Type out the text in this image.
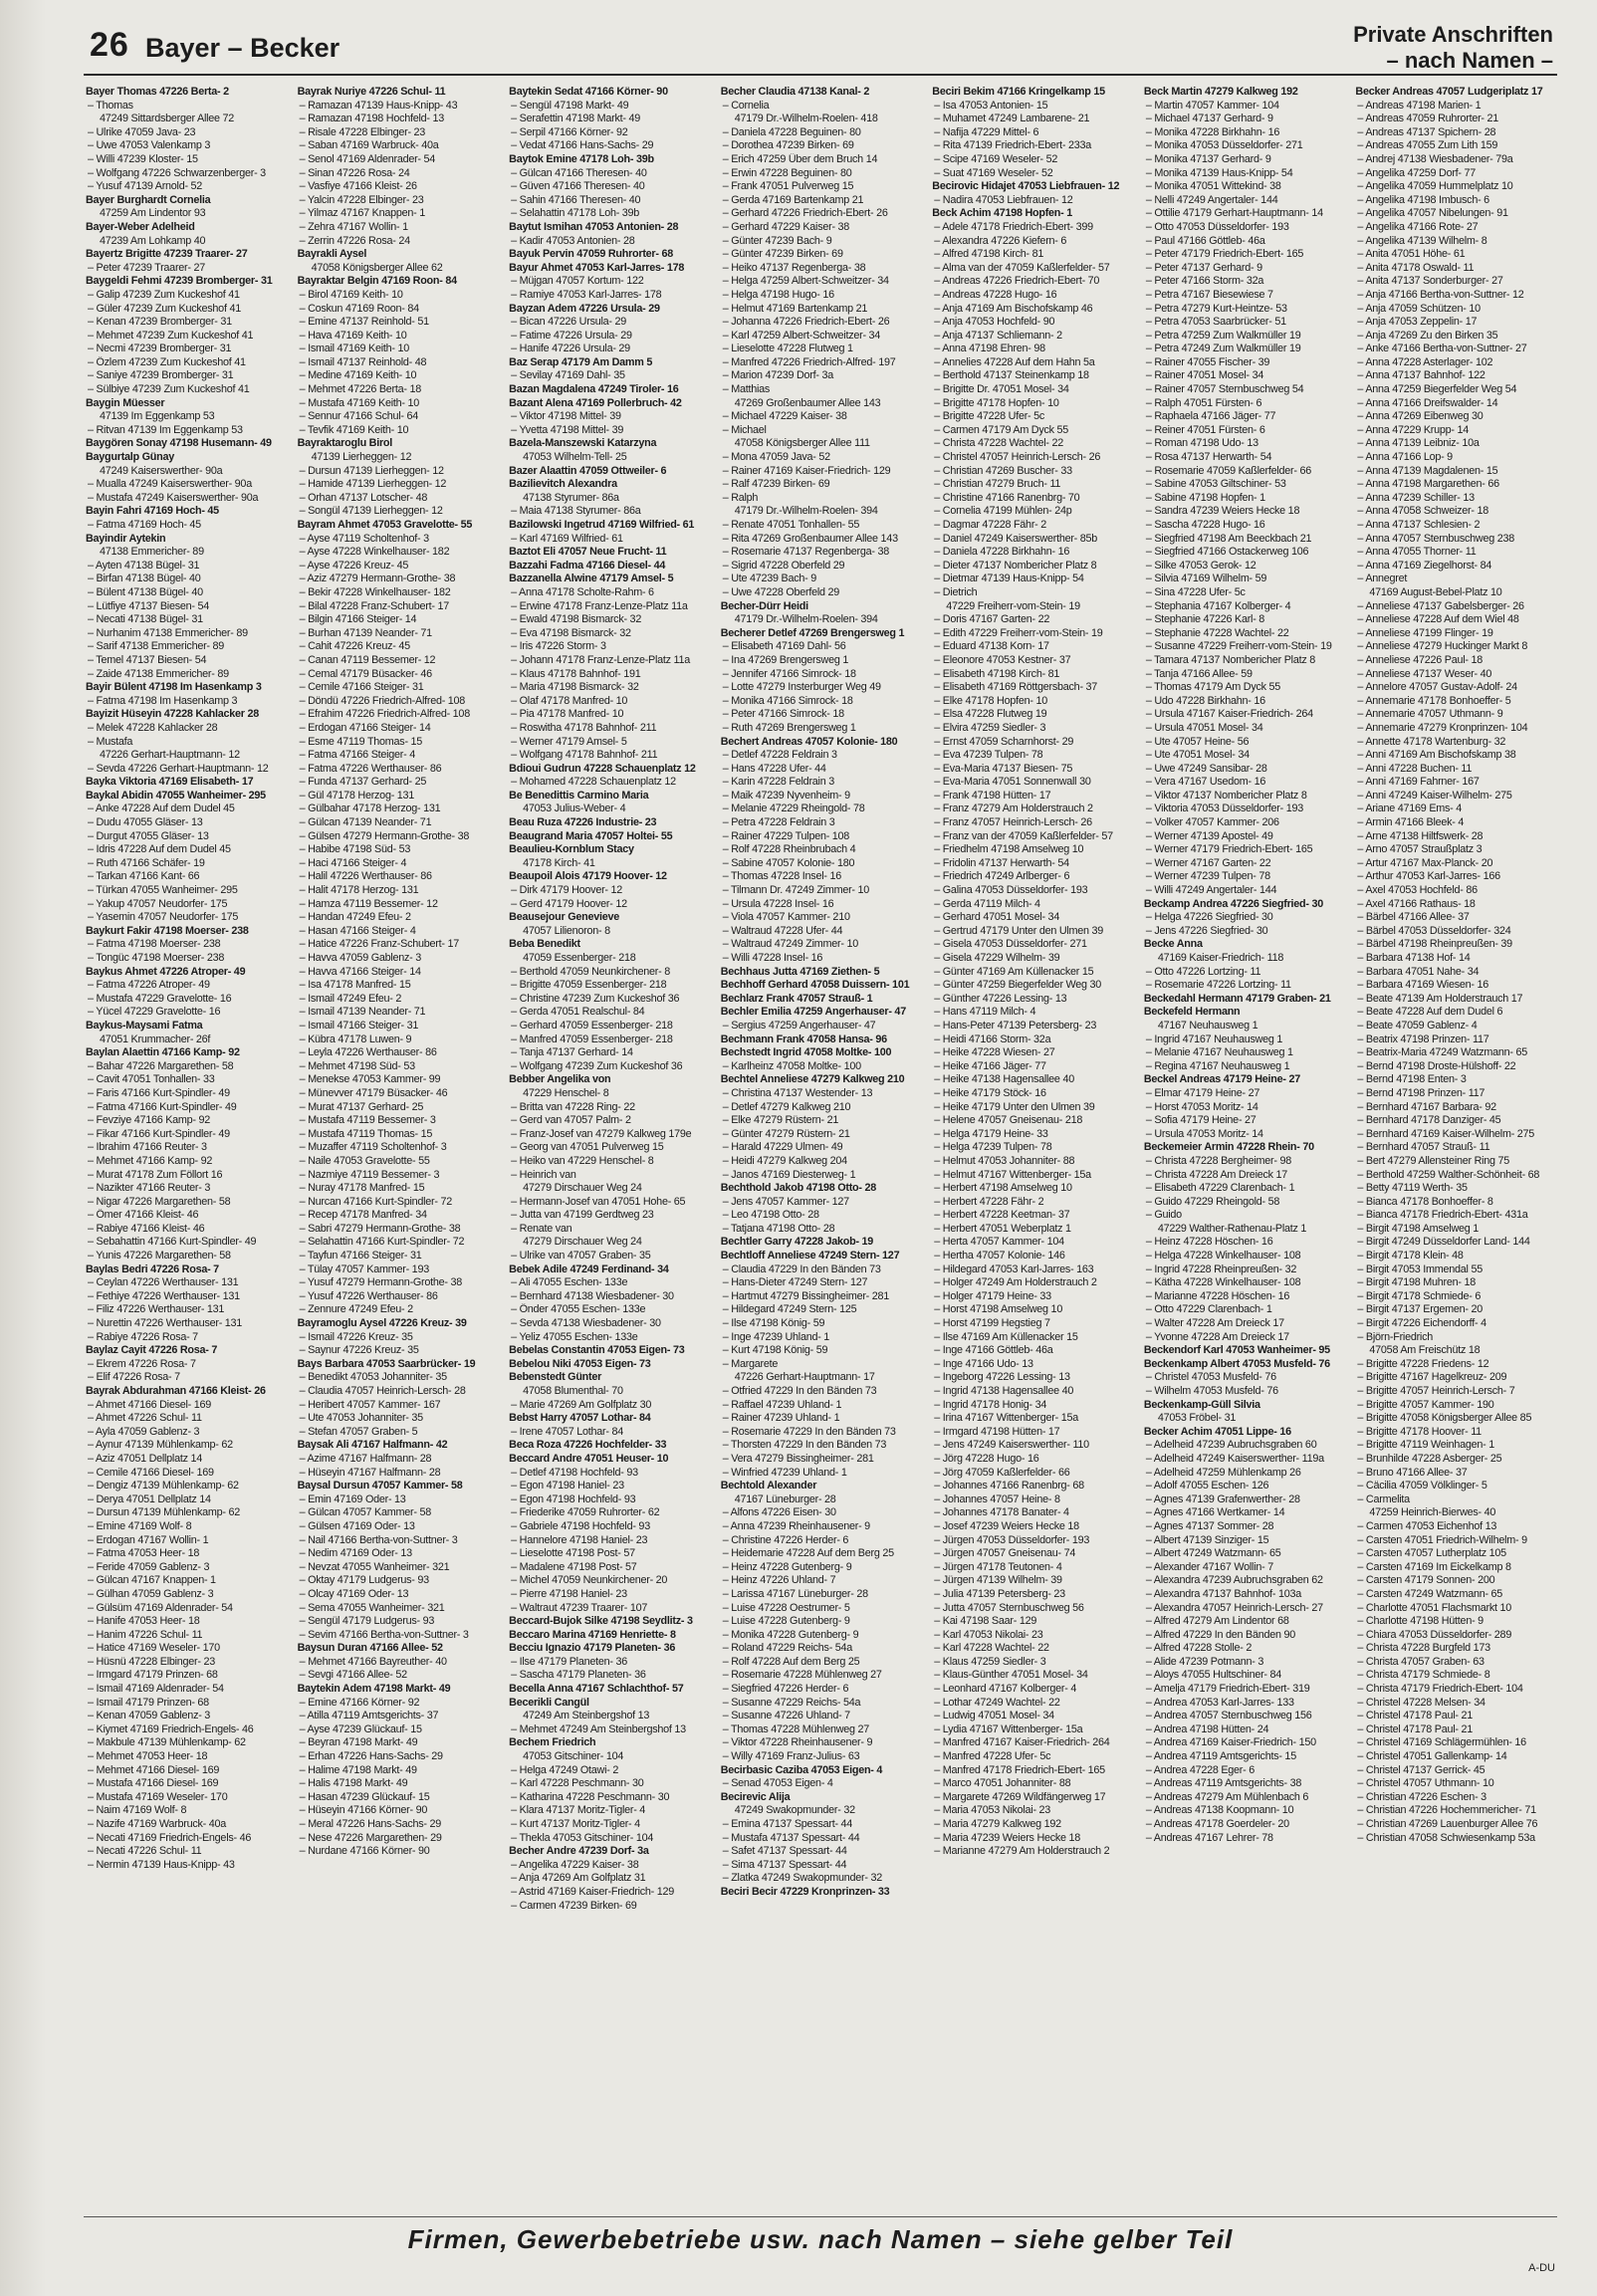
26 Bayer – Becker	Private Anschriften
– nach Namen –
Bayer Thomas 47226 Berta- 2
– Thomas
47249 Sittardsberger Allee 72
– Ulrike 47059 Java- 23
– Uwe 47053 Valenkamp 3
– Willi 47239 Kloster- 15
– Wolfgang 47226 Schwarzenberger- 3
– Yusuf 47139 Arnold- 52
Bayer Burghardt Cornelia
47259 Am Lindentor 93
Bayer-Weber Adelheid
47239 Am Lohkamp 40
Bayertz Brigitte 47239 Traarer- 27
– Peter 47239 Traarer- 27
Baygeldi Fehmi 47239 Bromberger- 31
– Galip 47239 Zum Kuckeshof 41
– Güler 47239 Zum Kuckeshof 41
– Kenan 47239 Bromberger- 31
– Mehmet 47239 Zum Kuckeshof 41
– Necmi 47239 Bromberger- 31
– Özlem 47239 Zum Kuckeshof 41
– Saniye 47239 Bromberger- 31
– Sülbiye 47239 Zum Kuckeshof 41
Baygin Müesser
47139 Im Eggenkamp 53
– Ritvan 47139 Im Eggenkamp 53
Baygören Sonay 47198 Husemann- 49
Baygurtalp Günay
47249 Kaiserswerther- 90a
– Mualla 47249 Kaiserswerther- 90a
– Mustafa 47249 Kaiserswerther- 90a
Bayin Fahri 47169 Hoch- 45
– Fatma 47169 Hoch- 45
Bayindir Aytekin
47138 Emmericher- 89
– Ayten 47138 Bügel- 31
– Birfan 47138 Bügel- 40
– Bülent 47138 Bügel- 40
– Lütfiye 47137 Biesen- 54
– Necati 47138 Bügel- 31
– Nurhanim 47138 Emmericher- 89
– Sarif 47138 Emmericher- 89
– Temel 47137 Biesen- 54
– Zaide 47138 Emmericher- 89
Bayir Bülent 47198 Im Hasenkamp 3
– Fatma 47198 Im Hasenkamp 3
Bayizit Hüseyin 47228 Kahlacker 28
– Melek 47228 Kahlacker 28
– Mustafa
47226 Gerhart-Hauptmann- 12
– Sevda 47226 Gerhart-Hauptmann- 12
Bayka Viktoria 47169 Elisabeth- 17
Baykal Abidin 47055 Wanheimer- 295
– Anke 47228 Auf dem Dudel 45
– Dudu 47055 Gläser- 13
– Durgut 47055 Gläser- 13
– Idris 47228 Auf dem Dudel 45
– Ruth 47166 Schäfer- 19
– Tarkan 47166 Kant- 66
– Türkan 47055 Wanheimer- 295
– Yakup 47057 Neudorfer- 175
– Yasemin 47057 Neudorfer- 175
Baykurt Fakir 47198 Moerser- 238
– Fatma 47198 Moerser- 238
– Tongüc 47198 Moerser- 238
Baykus Ahmet 47226 Atroper- 49
– Fatma 47226 Atroper- 49
– Mustafa 47229 Gravelotte- 16
– Yücel 47229 Gravelotte- 16
Baykus-Maysami Fatma
47051 Krummacher- 26f
Baylan Alaettin 47166 Kamp- 92
– Bahar 47226 Margarethen- 58
– Cavit 47051 Tonhallen- 33
– Faris 47166 Kurt-Spindler- 49
– Fatma 47166 Kurt-Spindler- 49
– Fevziye 47166 Kamp- 92
– Fikar 47166 Kurt-Spindler- 49
– Ibrahim 47166 Reuter- 3
– Mehmet 47166 Kamp- 92
– Murat 47178 Zum Föllort 16
– Nazikter 47166 Reuter- 3
– Nigar 47226 Margarethen- 58
– Ömer 47166 Kleist- 46
– Rabiye 47166 Kleist- 46
– Sebahattin 47166 Kurt-Spindler- 49
– Yunis 47226 Margarethen- 58
Baylas Bedri 47226 Rosa- 7
– Ceylan 47226 Werthauser- 131
– Fethiye 47226 Werthauser- 131
– Filiz 47226 Werthauser- 131
– Nurettin 47226 Werthauser- 131
– Rabiye 47226 Rosa- 7
Baylaz Cayit 47226 Rosa- 7
– Ekrem 47226 Rosa- 7
– Elif 47226 Rosa- 7
Bayrak Abdurahman 47166 Kleist- 26
– Ahmet 47166 Diesel- 169
– Ahmet 47226 Schul- 11
– Ayla 47059 Gablenz- 3
– Aynur 47139 Mühlenkamp- 62
– Aziz 47051 Dellplatz 14
– Cemile 47166 Diesel- 169
– Dengiz 47139 Mühlenkamp- 62
– Derya 47051 Dellplatz 14
– Dursun 47139 Mühlenkamp- 62
– Emine 47169 Wolf- 8
– Erdogan 47167 Wollin- 1
– Fatma 47053 Heer- 18
– Feride 47059 Gablenz- 3
– Gülcan 47167 Knappen- 1
– Gülhan 47059 Gablenz- 3
– Gülsüm 47169 Aldenrader- 54
– Hanife 47053 Heer- 18
– Hanim 47226 Schul- 11
– Hatice 47169 Weseler- 170
– Hüsnü 47228 Elbinger- 23
– Irmgard 47179 Prinzen- 68
– Ismail 47169 Aldenrader- 54
– Ismail 47179 Prinzen- 68
– Kenan 47059 Gablenz- 3
– Kiymet 47169 Friedrich-Engels- 46
– Makbule 47139 Mühlenkamp- 62
– Mehmet 47053 Heer- 18
– Mehmet 47166 Diesel- 169
– Mustafa 47166 Diesel- 169
– Mustafa 47169 Weseler- 170
– Naim 47169 Wolf- 8
– Nazife 47169 Warbruck- 40a
– Necati 47169 Friedrich-Engels- 46
– Necati 47226 Schul- 11
– Nermin 47139 Haus-Knipp- 43
Bayrak Nuriye 47226 Schul- 11
– Ramazan 47139 Haus-Knipp- 43
– Ramazan 47198 Hochfeld- 13
– Risale 47228 Elbinger- 23
– Saban 47169 Warbruck- 40a
– Senol 47169 Aldenrader- 54
– Sinan 47226 Rosa- 24
– Vasfiye 47166 Kleist- 26
– Yalcin 47228 Elbinger- 23
– Yilmaz 47167 Knappen- 1
– Zehra 47167 Wollin- 1
– Zerrin 47226 Rosa- 24
Bayrakli Aysel
47058 Königsberger Allee 62
Bayraktar Belgin 47169 Roon- 84
– Birol 47169 Keith- 10
– Coskun 47169 Roon- 84
– Emine 47137 Reinhold- 51
– Hava 47169 Keith- 10
– Ismail 47169 Keith- 10
– Ismail 47137 Reinhold- 48
– Medine 47169 Keith- 10
– Mehmet 47226 Berta- 18
– Mustafa 47169 Keith- 10
– Sennur 47166 Schul- 64
– Tevfik 47169 Keith- 10
Bayraktaroglu Birol
47139 Lierheggen- 12
– Dursun 47139 Lierheggen- 12
– Hamide 47139 Lierheggen- 12
– Orhan 47137 Lotscher- 48
– Songül 47139 Lierheggen- 12
Bayram Ahmet 47053 Gravelotte- 55
– Ayse 47119 Scholtenhof- 3
– Ayse 47228 Winkelhauser- 182
– Ayse 47226 Kreuz- 45
– Aziz 47279 Hermann-Grothe- 38
– Bekir 47228 Winkelhauser- 182
– Bilal 47228 Franz-Schubert- 17
– Bilgin 47166 Steiger- 14
– Burhan 47139 Neander- 71
– Cahit 47226 Kreuz- 45
– Canan 47119 Bessemer- 12
– Cemal 47179 Büsacker- 46
– Cemile 47166 Steiger- 31
– Döndü 47226 Friedrich-Alfred- 108
– Efrahim 47226 Friedrich-Alfred- 108
– Erdogan 47166 Steiger- 14
– Esme 47119 Thomas- 15
– Fatma 47166 Steiger- 4
– Fatma 47226 Werthauser- 86
– Funda 47137 Gerhard- 25
– Gül 47178 Herzog- 131
– Gülbahar 47178 Herzog- 131
– Gülcan 47139 Neander- 71
– Gülsen 47279 Hermann-Grothe- 38
– Habibe 47198 Süd- 53
– Haci 47166 Steiger- 4
– Halil 47226 Werthauser- 86
– Halit 47178 Herzog- 131
– Hamza 47119 Bessemer- 12
– Handan 47249 Efeu- 2
– Hasan 47166 Steiger- 4
– Hatice 47226 Franz-Schubert- 17
– Havva 47059 Gablenz- 3
– Havva 47166 Steiger- 14
– Isa 47178 Manfred- 15
– Ismail 47249 Efeu- 2
– Ismail 47139 Neander- 71
– Ismail 47166 Steiger- 31
– Kübra 47178 Luwen- 9
– Leyla 47226 Werthauser- 86
– Mehmet 47198 Süd- 53
– Menekse 47053 Kammer- 99
– Münevver 47179 Büsacker- 46
– Murat 47137 Gerhard- 25
– Mustafa 47119 Bessemer- 3
– Mustafa 47119 Thomas- 15
– Muzaffer 47119 Scholtenhof- 3
– Naile 47053 Gravelotte- 55
– Nazmiye 47119 Bessemer- 3
– Nuray 47178 Manfred- 15
– Nurcan 47166 Kurt-Spindler- 72
– Recep 47178 Manfred- 34
– Sabri 47279 Hermann-Grothe- 38
– Selahattin 47166 Kurt-Spindler- 72
– Tayfun 47166 Steiger- 31
– Tülay 47057 Kammer- 193
– Yusuf 47279 Hermann-Grothe- 38
– Yusuf 47226 Werthauser- 86
– Zennure 47249 Efeu- 2
Bayramoglu Aysel 47226 Kreuz- 39
– Ismail 47226 Kreuz- 35
– Saynur 47226 Kreuz- 35
Bays Barbara 47053 Saarbrücker- 19
– Benedikt 47053 Johanniter- 35
– Claudia 47057 Heinrich-Lersch- 28
– Heribert 47057 Kammer- 167
– Ute 47053 Johanniter- 35
– Stefan 47057 Graben- 5
Baysak Ali 47167 Halfmann- 42
– Azime 47167 Halfmann- 28
– Hüseyin 47167 Halfmann- 28
Baysal Dursun 47057 Kammer- 58
– Emin 47169 Oder- 13
– Gülcan 47057 Kammer- 58
– Gülsen 47169 Oder- 13
– Nail 47166 Bertha-von-Suttner- 3
– Nedim 47169 Oder- 13
– Nevzat 47055 Wanheimer- 321
– Oktay 47179 Ludgerus- 93
– Olcay 47169 Oder- 13
– Sema 47055 Wanheimer- 321
– Sengül 47179 Ludgerus- 93
– Sevim 47166 Bertha-von-Suttner- 3
Baysun Duran 47166 Allee- 52
– Mehmet 47166 Bayreuther- 40
– Sevgi 47166 Allee- 52
Baytekin Adem 47198 Markt- 49
– Emine 47166 Körner- 92
– Atilla 47119 Amtsgerichts- 37
– Ayse 47239 Glückauf- 15
– Beyran 47198 Markt- 49
– Erhan 47226 Hans-Sachs- 29
– Halime 47198 Markt- 49
– Halis 47198 Markt- 49
– Hasan 47239 Glückauf- 15
– Hüseyin 47166 Körner- 90
– Meral 47226 Hans-Sachs- 29
– Nese 47226 Margarethen- 29
– Nurdane 47166 Körner- 90
Baytekin Sedat 47166 Körner- 90
– Sengül 47198 Markt- 49
– Serafettin 47198 Markt- 49
– Serpil 47166 Körner- 92
– Vedat 47166 Hans-Sachs- 29
Baytok Emine 47178 Loh- 39b
– Gülcan 47166 Theresen- 40
– Güven 47166 Theresen- 40
– Sahin 47166 Theresen- 40
– Selahattin 47178 Loh- 39b
Baytut Ismihan 47053 Antonien- 28
– Kadir 47053 Antonien- 28
Bayuk Pervin 47059 Ruhrorter- 68
Bayur Ahmet 47053 Karl-Jarres- 178
– Müjgan 47057 Kortum- 122
– Ramiye 47053 Karl-Jarres- 178
Bayzan Adem 47226 Ursula- 29
– Bican 47226 Ursula- 29
– Fatime 47226 Ursula- 29
– Hanife 47226 Ursula- 29
Baz Serap 47179 Am Damm 5
– Sevilay 47169 Dahl- 35
Bazan Magdalena 47249 Tiroler- 16
Bazant Alena 47169 Pollerbruch- 42
– Viktor 47198 Mittel- 39
– Yvetta 47198 Mittel- 39
Bazela-Manszewski Katarzyna
47053 Wilhelm-Tell- 25
Bazer Alaattin 47059 Ottweiler- 6
Bazilievitch Alexandra
47138 Styrumer- 86a
– Maia 47138 Styrumer- 86a
Bazilowski Ingetrud 47169 Wilfried- 61
– Karl 47169 Wilfried- 61
Baztot Eli 47057 Neue Frucht- 11
Bazzahi Fadma 47166 Diesel- 44
Bazzanella Alwine 47179 Amsel- 5
– Anna 47178 Scholte-Rahm- 6
– Erwine 47178 Franz-Lenze-Platz 11a
– Ewald 47198 Bismarck- 32
– Eva 47198 Bismarck- 32
– Iris 47226 Storm- 3
– Johann 47178 Franz-Lenze-Platz 11a
– Klaus 47178 Bahnhof- 191
– Maria 47198 Bismarck- 32
– Olaf 47178 Manfred- 10
– Pia 47178 Manfred- 10
– Roswitha 47178 Bahnhof- 211
– Werner 47179 Amsel- 5
– Wolfgang 47178 Bahnhof- 211
Bdioui Gudrun 47228 Schauenplatz 12
– Mohamed 47228 Schauenplatz 12
Be Benedittis Carmino Maria
47053 Julius-Weber- 4
Beau Ruza 47226 Industrie- 23
Beaugrand Maria 47057 Holtei- 55
Beaulieu-Kornblum Stacy
47178 Kirch- 41
Beaupoil Alois 47179 Hoover- 12
– Dirk 47179 Hoover- 12
– Gerd 47179 Hoover- 12
Beausejour Genevieve
47057 Lilienoron- 8
Beba Benedikt
47059 Essenberger- 218
– Berthold 47059 Neunkirchener- 8
– Brigitte 47059 Essenberger- 218
– Christine 47239 Zum Kuckeshof 36
– Gerda 47051 Realschul- 84
– Gerhard 47059 Essenberger- 218
– Manfred 47059 Essenberger- 218
– Tanja 47137 Gerhard- 14
– Wolfgang 47239 Zum Kuckeshof 36
Bebber Angelika von
47229 Henschel- 8
– Britta van 47228 Ring- 22
– Gerd van 47057 Palm- 2
– Franz-Josef van 47279 Kalkweg 179e
– Georg van 47051 Pulverweg 15
– Heiko van 47229 Henschel- 8
– Heinrich van
47279 Dirschauer Weg 24
– Hermann-Josef van 47051 Hohe- 65
– Jutta van 47199 Gerdtweg 23
– Renate van
47279 Dirschauer Weg 24
– Ulrike van 47057 Graben- 35
Bebek Adile 47249 Ferdinand- 34
– Ali 47055 Eschen- 133e
– Bernhard 47138 Wiesbadener- 30
– Önder 47055 Eschen- 133e
– Sevda 47138 Wiesbadener- 30
– Yeliz 47055 Eschen- 133e
Bebelas Constantin 47053 Eigen- 73
Bebelou Niki 47053 Eigen- 73
Bebenstedt Günter
47058 Blumenthal- 70
– Marie 47269 Am Golfplatz 30
Bebst Harry 47057 Lothar- 84
– Irene 47057 Lothar- 84
Beca Roza 47226 Hochfelder- 33
Beccard Andre 47051 Heuser- 10
– Detlef 47198 Hochfeld- 93
– Egon 47198 Haniel- 23
– Egon 47198 Hochfeld- 93
– Friederike 47059 Ruhrorter- 62
– Gabriele 47198 Hochfeld- 93
– Hannelore 47198 Haniel- 23
– Lieselotte 47198 Post- 57
– Madalene 47198 Post- 57
– Michel 47059 Neunkirchener- 20
– Pierre 47198 Haniel- 23
– Waltraut 47239 Traarer- 107
Beccard-Bujok Silke 47198 Seydlitz- 3
Beccaro Marina 47169 Henriette- 8
Becciu Ignazio 47179 Planeten- 36
– Ilse 47179 Planeten- 36
– Sascha 47179 Planeten- 36
Becella Anna 47167 Schlachthof- 57
Becerikli Cangül
47249 Am Steinbergshof 13
– Mehmet 47249 Am Steinbergshof 13
Bechem Friedrich
47053 Gitschiner- 104
– Helga 47249 Otawi- 2
– Karl 47228 Peschmann- 30
– Katharina 47228 Peschmann- 30
– Klara 47137 Moritz-Tigler- 4
– Kurt 47137 Moritz-Tigler- 4
– Thekla 47053 Gitschiner- 104
Becher Andre 47239 Dorf- 3a
– Angelika 47229 Kaiser- 38
– Anja 47269 Am Golfplatz 31
– Astrid 47169 Kaiser-Friedrich- 129
– Carmen 47239 Birken- 69
Becher Claudia 47138 Kanal- 2
– Cornelia
47179 Dr.-Wilhelm-Roelen- 418
– Daniela 47228 Beguinen- 80
– Dorothea 47239 Birken- 69
– Erich 47259 Über dem Bruch 14
– Erwin 47228 Beguinen- 80
– Frank 47051 Pulverweg 15
– Gerda 47169 Bartenkamp 21
– Gerhard 47226 Friedrich-Ebert- 26
– Gerhard 47229 Kaiser- 38
– Günter 47239 Bach- 9
– Günter 47239 Birken- 69
– Heiko 47137 Regenberga- 38
– Helga 47259 Albert-Schweitzer- 34
– Helga 47198 Hugo- 16
– Helmut 47169 Bartenkamp 21
– Johanna 47226 Friedrich-Ebert- 26
– Karl 47259 Albert-Schweitzer- 34
– Lieselotte 47228 Flutweg 1
– Manfred 47226 Friedrich-Alfred- 197
– Marion 47239 Dorf- 3a
– Matthias
47269 Großenbaumer Allee 143
– Michael 47229 Kaiser- 38
– Michael
47058 Königsberger Allee 111
– Mona 47059 Java- 52
– Rainer 47169 Kaiser-Friedrich- 129
– Ralf 47239 Birken- 69
– Ralph
47179 Dr.-Wilhelm-Roelen- 394
– Renate 47051 Tonhallen- 55
– Rita 47269 Großenbaumer Allee 143
– Rosemarie 47137 Regenberga- 38
– Sigrid 47228 Oberfeld 29
– Ute 47239 Bach- 9
– Uwe 47228 Oberfeld 29
Becher-Dürr Heidi
47179 Dr.-Wilhelm-Roelen- 394
Becherer Detlef 47269 Brengersweg 1
– Elisabeth 47169 Dahl- 56
– Ina 47269 Brengersweg 1
– Jennifer 47166 Simrock- 18
– Lotte 47279 Insterburger Weg 49
– Monika 47166 Simrock- 18
– Peter 47166 Simrock- 18
– Ruth 47269 Brengersweg 1
Bechert Andreas 47057 Kolonie- 180
– Detlef 47228 Feldrain 3
– Hans 47228 Ufer- 44
– Karin 47228 Feldrain 3
– Maik 47239 Nyvenheim- 9
– Melanie 47229 Rheingold- 78
– Petra 47228 Feldrain 3
– Rainer 47229 Tulpen- 108
– Rolf 47228 Rheinbrubach 4
– Sabine 47057 Kolonie- 180
– Thomas 47228 Insel- 16
– Tilmann Dr. 47249 Zimmer- 10
– Ursula 47228 Insel- 16
– Viola 47057 Kammer- 210
– Waltraud 47228 Ufer- 44
– Waltraud 47249 Zimmer- 10
– Willi 47228 Insel- 16
Bechhaus Jutta 47169 Ziethen- 5
Bechhoff Gerhard 47058 Duissern- 101
Bechlarz Frank 47057 Strauß- 1
Bechler Emilia 47259 Angerhauser- 47
– Sergius 47259 Angerhauser- 47
Bechmann Frank 47058 Hansa- 96
Bechstedt Ingrid 47058 Moltke- 100
– Karlheinz 47058 Moltke- 100
Bechtel Anneliese 47279 Kalkweg 210
– Christina 47137 Westender- 13
– Detlef 47279 Kalkweg 210
– Elke 47279 Rüstern- 21
– Günter 47279 Rüstern- 21
– Harald 47229 Ulmen- 49
– Heidi 47279 Kalkweg 204
– Janos 47169 Diesterweg- 1
Bechthold Jakob 47198 Otto- 28
– Jens 47057 Kammer- 127
– Leo 47198 Otto- 28
– Tatjana 47198 Otto- 28
Bechtler Garry 47228 Jakob- 19
Bechtloff Anneliese 47249 Stern- 127
– Claudia 47229 In den Bänden 73
– Hans-Dieter 47249 Stern- 127
– Hartmut 47279 Bissingheimer- 281
– Hildegard 47249 Stern- 125
– Ilse 47198 König- 59
– Inge 47239 Uhland- 1
– Kurt 47198 König- 59
– Margarete
47226 Gerhart-Hauptmann- 17
– Otfried 47229 In den Bänden 73
– Raffael 47239 Uhland- 1
– Rainer 47239 Uhland- 1
– Rosemarie 47229 In den Bänden 73
– Thorsten 47229 In den Bänden 73
– Vera 47279 Bissingheimer- 281
– Winfried 47239 Uhland- 1
Bechtold Alexander
47167 Lüneburger- 28
– Alfons 47226 Eisen- 30
– Anna 47239 Rheinhausener- 9
– Christine 47226 Herder- 6
– Heidemarie 47228 Auf dem Berg 25
– Heinz 47228 Gutenberg- 9
– Heinz 47226 Uhland- 7
– Larissa 47167 Lüneburger- 28
– Luise 47228 Oestrumer- 5
– Luise 47228 Gutenberg- 9
– Monika 47228 Gutenberg- 9
– Roland 47229 Reichs- 54a
– Rolf 47228 Auf dem Berg 25
– Rosemarie 47228 Mühlenweg 27
– Siegfried 47226 Herder- 6
– Susanne 47229 Reichs- 54a
– Susanne 47226 Uhland- 7
– Thomas 47228 Mühlenweg 27
– Viktor 47228 Rheinhausener- 9
– Willy 47169 Franz-Julius- 63
Becirbasic Caziba 47053 Eigen- 4
– Senad 47053 Eigen- 4
Becirevic Alija
47249 Swakopmunder- 32
– Emina 47137 Spessart- 44
– Mustafa 47137 Spessart- 44
– Safet 47137 Spessart- 44
– Sima 47137 Spessart- 44
– Zlatka 47249 Swakopmunder- 32
Beciri Becir 47229 Kronprinzen- 33
Beciri Bekim 47166 Kringelkamp 15
– Isa 47053 Antonien- 15
– Muhamet 47249 Lambarene- 21
– Nafija 47229 Mittel- 6
– Rita 47139 Friedrich-Ebert- 233a
– Scipe 47169 Weseler- 52
– Suat 47169 Weseler- 52
Becirovic Hidajet 47053 Liebfrauen- 12
– Nadira 47053 Liebfrauen- 12
Beck Achim 47198 Hopfen- 1
– Adele 47178 Friedrich-Ebert- 399
– Alexandra 47226 Kiefern- 6
– Alfred 47198 Kirch- 81
– Alma van der 47059 Kaßlerfelder- 57
– Andreas 47226 Friedrich-Ebert- 70
– Andreas 47228 Hugo- 16
– Anja 47169 Am Bischofskamp 46
– Anja 47053 Hochfeld- 90
– Anja 47137 Schliemann- 2
– Anna 47198 Ehren- 98
– Annelies 47228 Auf dem Hahn 5a
– Berthold 47137 Steinenkamp 18
– Brigitte Dr. 47051 Mosel- 34
– Brigitte 47178 Hopfen- 10
– Brigitte 47228 Ufer- 5c
– Carmen 47179 Am Dyck 55
– Christa 47228 Wachtel- 22
– Christel 47057 Heinrich-Lersch- 26
– Christian 47269 Buscher- 33
– Christian 47279 Bruch- 11
– Christine 47166 Ranenbrg- 70
– Cornelia 47199 Mühlen- 24p
– Dagmar 47228 Fähr- 2
– Daniel 47249 Kaiserswerther- 85b
– Daniela 47228 Birkhahn- 16
– Dieter 47137 Nombericher Platz 8
– Dietmar 47139 Haus-Knipp- 54
– Dietrich
47229 Freiherr-vom-Stein- 19
– Doris 47167 Garten- 22
– Edith 47229 Freiherr-vom-Stein- 19
– Eduard 47138 Korn- 17
– Eleonore 47053 Kestner- 37
– Elisabeth 47198 Kirch- 81
– Elisabeth 47169 Röttgersbach- 37
– Elke 47178 Hopfen- 10
– Elsa 47228 Flutweg 19
– Elvira 47259 Siedler- 3
– Ernst 47059 Scharnhorst- 29
– Eva 47239 Tulpen- 78
– Eva-Maria 47137 Biesen- 75
– Eva-Maria 47051 Sonnenwall 30
– Frank 47198 Hütten- 17
– Franz 47279 Am Holderstrauch 2
– Franz 47057 Heinrich-Lersch- 26
– Franz van der 47059 Kaßlerfelder- 57
– Friedhelm 47198 Amselweg 10
– Fridolin 47137 Herwarth- 54
– Friedrich 47249 Arlberger- 6
– Galina 47053 Düsseldorfer- 193
– Gerda 47119 Milch- 4
– Gerhard 47051 Mosel- 34
– Gertrud 47179 Unter den Ulmen 39
– Gisela 47053 Düsseldorfer- 271
– Gisela 47229 Wilhelm- 39
– Günter 47169 Am Küllenacker 15
– Günter 47259 Biegerfelder Weg 30
– Günther 47226 Lessing- 13
– Hans 47119 Milch- 4
– Hans-Peter 47139 Petersberg- 23
– Heidi 47166 Storm- 32a
– Heike 47228 Wiesen- 27
– Heike 47166 Jäger- 77
– Heike 47138 Hagensallee 40
– Heike 47179 Stöck- 16
– Heike 47179 Unter den Ulmen 39
– Helene 47057 Gneisenau- 218
– Helga 47179 Heine- 33
– Helga 47239 Tulpen- 78
– Helmut 47053 Johanniter- 88
– Helmut 47167 Wittenberger- 15a
– Herbert 47198 Amselweg 10
– Herbert 47228 Fähr- 2
– Herbert 47228 Keetman- 37
– Herbert 47051 Weberplatz 1
– Herta 47057 Kammer- 104
– Hertha 47057 Kolonie- 146
– Hildegard 47053 Karl-Jarres- 163
– Holger 47249 Am Holderstrauch 2
– Holger 47179 Heine- 33
– Horst 47198 Amselweg 10
– Horst 47199 Hegstieg 7
– Ilse 47169 Am Küllenacker 15
– Inge 47166 Göttleb- 46a
– Inge 47166 Udo- 13
– Ingeborg 47226 Lessing- 13
– Ingrid 47138 Hagensallee 40
– Ingrid 47178 Honig- 34
– Irina 47167 Wittenberger- 15a
– Irmgard 47198 Hütten- 17
– Jens 47249 Kaiserswerther- 110
– Jörg 47228 Hugo- 16
– Jörg 47059 Kaßlerfelder- 66
– Johannes 47166 Ranenbrg- 68
– Johannes 47057 Heine- 8
– Johannes 47178 Banater- 4
– Josef 47239 Weiers Hecke 18
– Jürgen 47053 Düsseldorfer- 193
– Jürgen 47057 Gneisenau- 74
– Jürgen 47178 Teutonen- 4
– Jürgen 47139 Wilhelm- 39
– Julia 47139 Petersberg- 23
– Jutta 47057 Sternbuschweg 56
– Kai 47198 Saar- 129
– Karl 47053 Nikolai- 23
– Karl 47228 Wachtel- 22
– Klaus 47259 Siedler- 3
– Klaus-Günther 47051 Mosel- 34
– Leonhard 47167 Kolberger- 4
– Lothar 47249 Wachtel- 22
– Ludwig 47051 Mosel- 34
– Lydia 47167 Wittenberger- 15a
– Manfred 47167 Kaiser-Friedrich- 264
– Manfred 47228 Ufer- 5c
– Manfred 47178 Friedrich-Ebert- 165
– Marco 47051 Johanniter- 88
– Margarete 47269 Wildfängerweg 17
– Maria 47053 Nikolai- 23
– Maria 47279 Kalkweg 192
– Maria 47239 Weiers Hecke 18
– Marianne 47279 Am Holderstrauch 2
Beck Martin 47279 Kalkweg 192
– Martin 47057 Kammer- 104
– Michael 47137 Gerhard- 9
– Monika 47228 Birkhahn- 16
– Monika 47053 Düsseldorfer- 271
– Monika 47137 Gerhard- 9
– Monika 47139 Haus-Knipp- 54
– Monika 47051 Wittekind- 38
– Nelli 47249 Angertaler- 144
– Ottilie 47179 Gerhart-Hauptmann- 14
– Otto 47053 Düsseldorfer- 193
– Paul 47166 Göttleb- 46a
– Peter 47179 Friedrich-Ebert- 165
– Peter 47137 Gerhard- 9
– Peter 47166 Storm- 32a
– Petra 47167 Biesewiese 7
– Petra 47279 Kurt-Heintze- 53
– Petra 47053 Saarbrücker- 51
– Petra 47259 Zum Walkmüller 19
– Petra 47249 Zum Walkmüller 19
– Rainer 47055 Fischer- 39
– Rainer 47051 Mosel- 34
– Rainer 47057 Sternbuschweg 54
– Ralph 47051 Fürsten- 6
– Raphaela 47166 Jäger- 77
– Reiner 47051 Fürsten- 6
– Roman 47198 Udo- 13
– Rosa 47137 Herwarth- 54
– Rosemarie 47059 Kaßlerfelder- 66
– Sabine 47053 Giltschiner- 53
– Sabine 47198 Hopfen- 1
– Sandra 47239 Weiers Hecke 18
– Sascha 47228 Hugo- 16
– Siegfried 47198 Am Beeckbach 21
– Siegfried 47166 Ostackerweg 106
– Silke 47053 Gerok- 12
– Silvia 47169 Wilhelm- 59
– Sina 47228 Ufer- 5c
– Stephania 47167 Kolberger- 4
– Stephanie 47226 Karl- 8
– Stephanie 47228 Wachtel- 22
– Susanne 47229 Freiherr-vom-Stein- 19
– Tamara 47137 Nombericher Platz 8
– Tanja 47166 Allee- 59
– Thomas 47179 Am Dyck 55
– Udo 47228 Birkhahn- 16
– Ursula 47167 Kaiser-Friedrich- 264
– Ursula 47051 Mosel- 34
– Ute 47057 Heine- 56
– Ute 47051 Mosel- 34
– Uwe 47249 Sansibar- 28
– Vera 47167 Usedom- 16
– Viktor 47137 Nombericher Platz 8
– Viktoria 47053 Düsseldorfer- 193
– Volker 47057 Kammer- 206
– Werner 47139 Apostel- 49
– Werner 47179 Friedrich-Ebert- 165
– Werner 47167 Garten- 22
– Werner 47239 Tulpen- 78
– Willi 47249 Angertaler- 144
Beckamp Andrea 47226 Siegfried- 30
– Helga 47226 Siegfried- 30
– Jens 47226 Siegfried- 30
Becke Anna
47169 Kaiser-Friedrich- 118
– Otto 47226 Lortzing- 11
– Rosemarie 47226 Lortzing- 11
Beckedahl Hermann 47179 Graben- 21
Beckefeld Hermann
47167 Neuhausweg 1
– Ingrid 47167 Neuhausweg 1
– Melanie 47167 Neuhausweg 1
– Regina 47167 Neuhausweg 1
Beckel Andreas 47179 Heine- 27
– Elmar 47179 Heine- 27
– Horst 47053 Moritz- 14
– Sofia 47179 Heine- 27
– Ursula 47053 Moritz- 14
Beckemeier Armin 47228 Rhein- 70
– Christa 47228 Bergheimer- 98
– Christa 47228 Am Dreieck 17
– Elisabeth 47229 Clarenbach- 1
– Guido 47229 Rheingold- 58
– Guido
47229 Walther-Rathenau-Platz 1
– Heinz 47228 Höschen- 16
– Helga 47228 Winkelhauser- 108
– Ingrid 47228 Rheinpreußen- 32
– Kätha 47228 Winkelhauser- 108
– Marianne 47228 Höschen- 16
– Otto 47229 Clarenbach- 1
– Walter 47228 Am Dreieck 17
– Yvonne 47228 Am Dreieck 17
Beckendorf Karl 47053 Wanheimer- 95
Beckenkamp Albert 47053 Musfeld- 76
– Christel 47053 Musfeld- 76
– Wilhelm 47053 Musfeld- 76
Beckenkamp-Güll Silvia
47053 Fröbel- 31
Becker Achim 47051 Lippe- 16
– Adelheid 47239 Aubruchsgraben 60
– Adelheid 47249 Kaiserswerther- 119a
– Adelheid 47259 Mühlenkamp 26
– Adolf 47055 Eschen- 126
– Agnes 47139 Grafenwerther- 28
– Agnes 47166 Wertkamer- 14
– Agnes 47137 Sommer- 28
– Albert 47139 Sinziger- 15
– Albert 47249 Watzmann- 65
– Alexander 47167 Wollin- 7
– Alexandra 47239 Aubruchsgraben 62
– Alexandra 47137 Bahnhof- 103a
– Alexandra 47057 Heinrich-Lersch- 27
– Alfred 47279 Am Lindentor 68
– Alfred 47229 In den Bänden 90
– Alfred 47228 Stolle- 2
– Alide 47239 Potmann- 3
– Aloys 47055 Hultschiner- 84
– Amelja 47179 Friedrich-Ebert- 319
– Andrea 47053 Karl-Jarres- 133
– Andrea 47057 Sternbuschweg 156
– Andrea 47198 Hütten- 24
– Andrea 47169 Kaiser-Friedrich- 150
– Andrea 47119 Amtsgerichts- 15
– Andrea 47228 Eger- 6
– Andreas 47119 Amtsgerichts- 38
– Andreas 47279 Am Mühlenbach 6
– Andreas 47138 Koopmann- 10
– Andreas 47178 Goerdeler- 20
– Andreas 47167 Lehrer- 78
Becker Andreas 47057 Ludgeriplatz 17
– Andreas 47198 Marien- 1
– Andreas 47059 Ruhrorter- 21
– Andreas 47137 Spichern- 28
– Andreas 47055 Zum Lith 159
– Andrej 47138 Wiesbadener- 79a
– Angelika 47259 Dorf- 77
– Angelika 47059 Hummelplatz 10
– Angelika 47198 Imbusch- 6
– Angelika 47057 Nibelungen- 91
– Angelika 47166 Rote- 27
– Angelika 47139 Wilhelm- 8
– Anita 47051 Höhe- 61
– Anita 47178 Oswald- 11
– Anita 47137 Sonderburger- 27
– Anja 47166 Bertha-von-Suttner- 12
– Anja 47059 Schützen- 10
– Anja 47053 Zeppelin- 17
– Anja 47269 Zu den Birken 35
– Anke 47166 Bertha-von-Suttner- 27
– Anna 47228 Asterlager- 102
– Anna 47137 Bahnhof- 122
– Anna 47259 Biegerfelder Weg 54
– Anna 47166 Dreifswalder- 14
– Anna 47269 Eibenweg 30
– Anna 47229 Krupp- 14
– Anna 47139 Leibniz- 10a
– Anna 47166 Lop- 9
– Anna 47139 Magdalenen- 15
– Anna 47198 Margarethen- 66
– Anna 47239 Schiller- 13
– Anna 47058 Schweizer- 18
– Anna 47137 Schlesien- 2
– Anna 47057 Sternbuschweg 238
– Anna 47055 Thorner- 11
– Anna 47169 Ziegelhorst- 84
– Annegret
47169 August-Bebel-Platz 10
– Anneliese 47137 Gabelsberger- 26
– Anneliese 47228 Auf dem Wiel 48
– Anneliese 47199 Flinger- 19
– Anneliese 47279 Huckinger Markt 8
– Anneliese 47226 Paul- 18
– Anneliese 47137 Weser- 40
– Annelore 47057 Gustav-Adolf- 24
– Annemarie 47178 Bonhoeffer- 5
– Annemarie 47057 Uthmann- 9
– Annemarie 47279 Kronprinzen- 104
– Annette 47178 Wartenburg- 32
– Anni 47169 Am Bischofskamp 38
– Anni 47228 Buchen- 11
– Anni 47169 Fahrner- 167
– Anni 47249 Kaiser-Wilhelm- 275
– Ariane 47169 Ems- 4
– Armin 47166 Bleek- 4
– Arne 47138 Hiltfswerk- 28
– Arno 47057 Straußplatz 3
– Artur 47167 Max-Planck- 20
– Arthur 47053 Karl-Jarres- 166
– Axel 47053 Hochfeld- 86
– Axel 47166 Rathaus- 18
– Bärbel 47166 Allee- 37
– Bärbel 47053 Düsseldorfer- 324
– Bärbel 47198 Rheinpreußen- 39
– Barbara 47138 Hof- 14
– Barbara 47051 Nahe- 34
– Barbara 47169 Wiesen- 16
– Beate 47139 Am Holderstrauch 17
– Beate 47228 Auf dem Dudel 6
– Beate 47059 Gablenz- 4
– Beatrix 47198 Prinzen- 117
– Beatrix-Maria 47249 Watzmann- 65
– Bernd 47198 Droste-Hülshoff- 22
– Bernd 47198 Enten- 3
– Bernd 47198 Prinzen- 117
– Bernhard 47167 Barbara- 92
– Bernhard 47178 Danziger- 45
– Bernhard 47169 Kaiser-Wilhelm- 275
– Bernhard 47057 Strauß- 11
– Bert 47279 Allensteiner Ring 75
– Berthold 47259 Walther-Schönheit- 68
– Betty 47119 Werth- 35
– Bianca 47178 Bonhoeffer- 8
– Bianca 47178 Friedrich-Ebert- 431a
– Birgit 47198 Amselweg 1
– Birgit 47249 Düsseldorfer Land- 144
– Birgit 47178 Klein- 48
– Birgit 47053 Immendal 55
– Birgit 47198 Muhren- 18
– Birgit 47178 Schmiede- 6
– Birgit 47137 Ergemen- 20
– Birgit 47226 Eichendorff- 4
– Björn-Friedrich
47058 Am Freischütz 18
– Brigitte 47228 Friedens- 12
– Brigitte 47167 Hagelkreuz- 209
– Brigitte 47057 Heinrich-Lersch- 7
– Brigitte 47057 Kammer- 190
– Brigitte 47058 Königsberger Allee 85
– Brigitte 47178 Hoover- 11
– Brigitte 47119 Weinhagen- 1
– Brunhilde 47228 Asberger- 25
– Bruno 47166 Allee- 37
– Cäcilia 47059 Völklinger- 5
– Carmelita
47259 Heinrich-Bierwes- 40
– Carmen 47053 Eichenhof 13
– Carsten 47051 Friedrich-Wilhelm- 9
– Carsten 47057 Lutherplatz 105
– Carsten 47169 Im Eickelkamp 8
– Carsten 47179 Sonnen- 200
– Carsten 47249 Watzmann- 65
– Charlotte 47051 Flachsmarkt 10
– Charlotte 47198 Hütten- 9
– Chiara 47053 Düsseldorfer- 289
– Christa 47228 Burgfeld 173
– Christa 47057 Graben- 63
– Christa 47179 Schmiede- 8
– Christa 47179 Friedrich-Ebert- 104
– Christel 47228 Melsen- 34
– Christel 47178 Paul- 21
– Christel 47178 Paul- 21
– Christel 47169 Schlägermühlen- 16
– Christel 47051 Gallenkamp- 14
– Christel 47137 Gerrick- 45
– Christel 47057 Uthmann- 10
– Christian 47226 Eschen- 3
– Christian 47226 Hochemmericher- 71
– Christian 47269 Lauenburger Allee 76
– Christian 47058 Schwiesenkamp 53a
Firmen, Gewerbebetriebe usw. nach Namen – siehe gelber Teil
A-DU
